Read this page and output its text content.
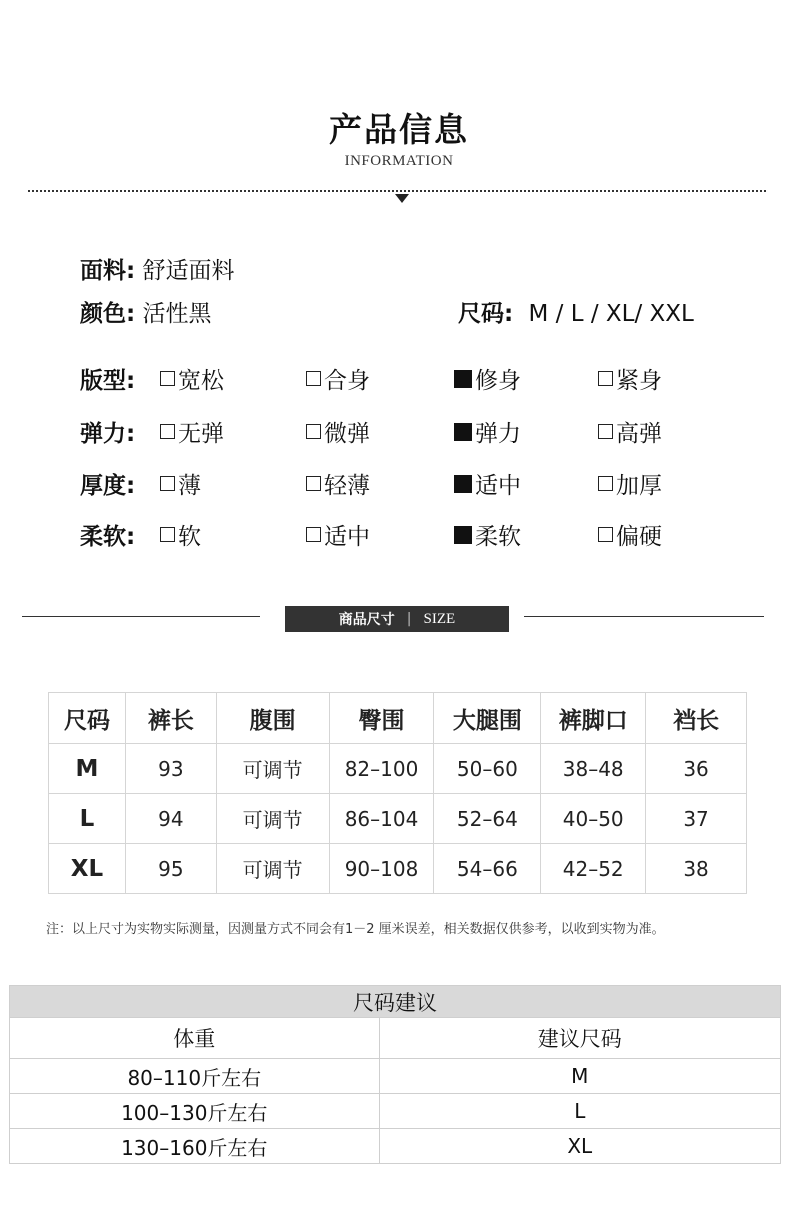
产品信息
INFORMATION
面料: 舒适面料
颜色: 活性黑	尺码: M / L / XL/ XXL
版型: 宽松	合身	修身	紧身
弹力: 无弹	微弹	弹力	高弹
厚度: 薄	轻薄	适中	加厚
柔软: 软	适中	柔软	偏硬
商品尺寸 | SIZE
尺码	裤长	腹围	臀围	大腿围	裤脚口	裆长
M	93	可调节	82–100	50–60	38–48	36
L	94	可调节	86–104	52–64	40–50	37
XL	95	可调节	90–108	54–66	42–52	38
注：以上尺寸为实物实际测量，因测量方式不同会有1－2 厘米误差，相关数据仅供参考，以收到实物为准。
尺码建议	
体重	建议尺码
80–110斤左右	M
100–130斤左右	L
130–160斤左右	XL
